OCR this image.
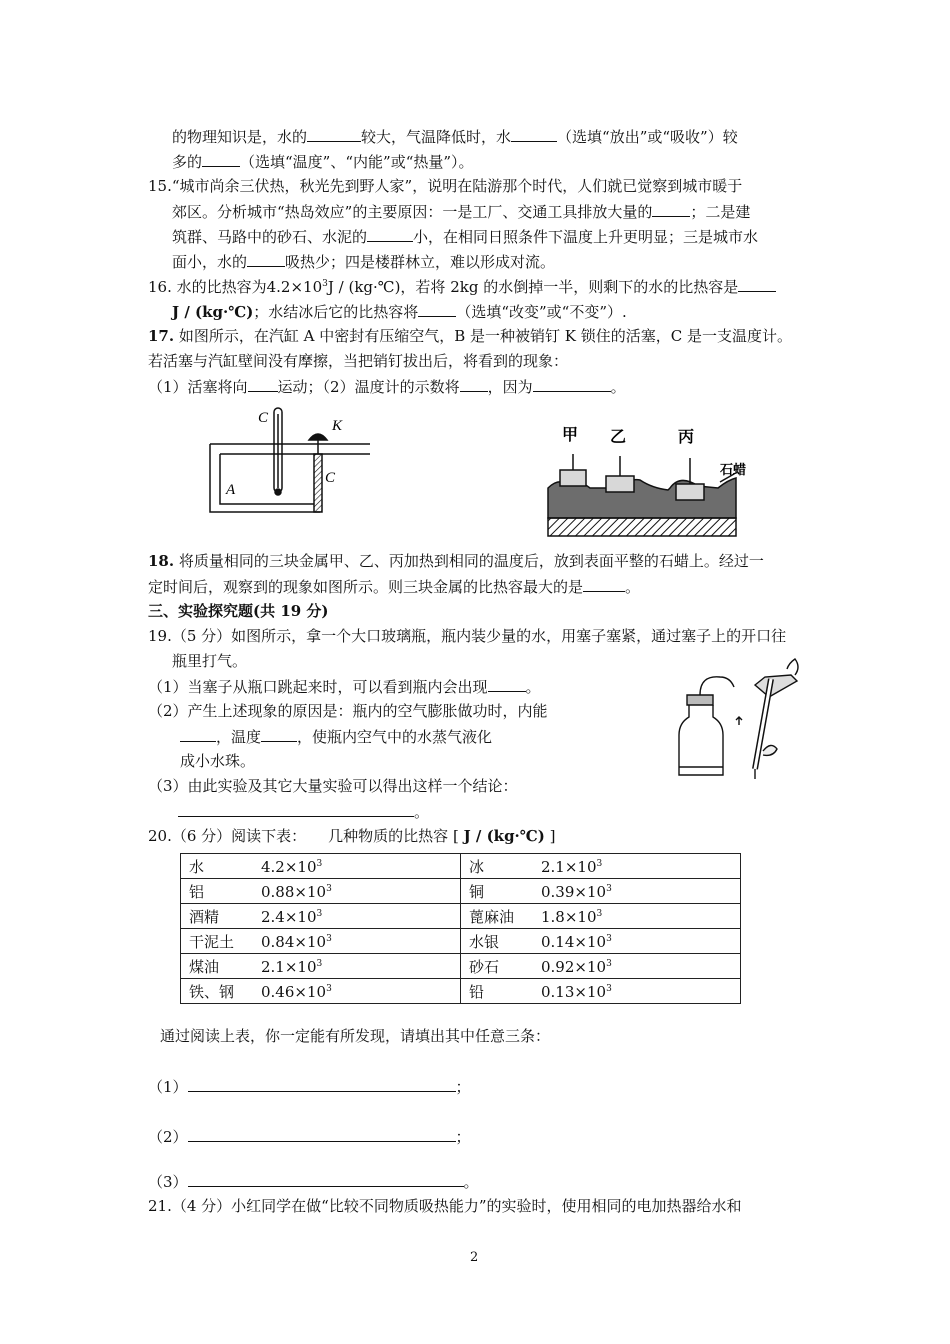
的物理知识是，水的	较大，气温降低时，水	（选填“放出”或“吸收”）较
多的	（选填“温度”、“内能”或“热量”）。
15.“城市尚余三伏热，秋光先到野人家”，说明在陆游那个时代，人们就已觉察到城市暖于
郊区。分析城市“热岛效应”的主要原因：一是工厂、交通工具排放大量的	；二是建
筑群、马路中的砂石、水泥的	小，在相同日照条件下温度上升更明显；三是城市水
面小，水的	吸热少；四是楼群林立，难以形成对流。
16. 水的比热容为$4.2\times 10^3J$ / (kg·℃)，若将 2kg 的水倒掉一半，则剩下的水的比热容是
J / (kg·℃)；水结冰后它的比热容将	（选填“改变”或“不变”）.
17. 如图所示，在汽缸 A 中密封有压缩空气，B 是一种被销钉 K 锁住的活塞，C 是一支温度计。
若活塞与汽缸壁间没有摩擦，当把销钉拔出后，将看到的现象：
（1）活塞将向 运动；（2）温度计的示数将 ，因为	。
C	K
A
C
甲 乙	丙
石蜡
18. 将质量相同的三块金属甲、乙、丙加热到相同的温度后，放到表面平整的石蜡上。经过一
定时间后，观察到的现象如图所示。则三块金属的比热容最大的是	。
三、实验探究题(共 19 分)
19.（5 分）如图所示，拿一个大口玻璃瓶，瓶内装少量的水，用塞子塞紧，通过塞子上的开口往
瓶里打气。
（1）当塞子从瓶口跳起来时，可以看到瓶内会出现	。
（2）产生上述现象的原因是：瓶内的空气膨胀做功时，内能
，温度 ，使瓶内空气中的水蒸气液化
成小水珠。
（3）由此实验及其它大量实验可以得出这样一个结论：
。
20.（6 分）阅读下表： 几种物质的比热容 [ J / (kg·℃) ]
水 $4.2\times 10^3$	冰 $2.1\times 10^3$
铝 $0.88\times 10^3$	铜 $0.39\times 10^3$
酒精 $2.4\times 10^3$	蓖麻油 $1.8\times 10^3$
干泥土 $0.84\times 10^3$	水银 $0.14\times 10^3$
煤油 $2.1\times 10^3$	砂石 $0.92\times 10^3$
铁、钢 $0.46\times 10^3$	铅 $0.13\times 10^3$
通过阅读上表，你一定能有所发现，请填出其中任意三条：
（1）	；
（2）	；
（3）	。
21.（4 分）小红同学在做“比较不同物质吸热能力”的实验时，使用相同的电加热器给水和
2
